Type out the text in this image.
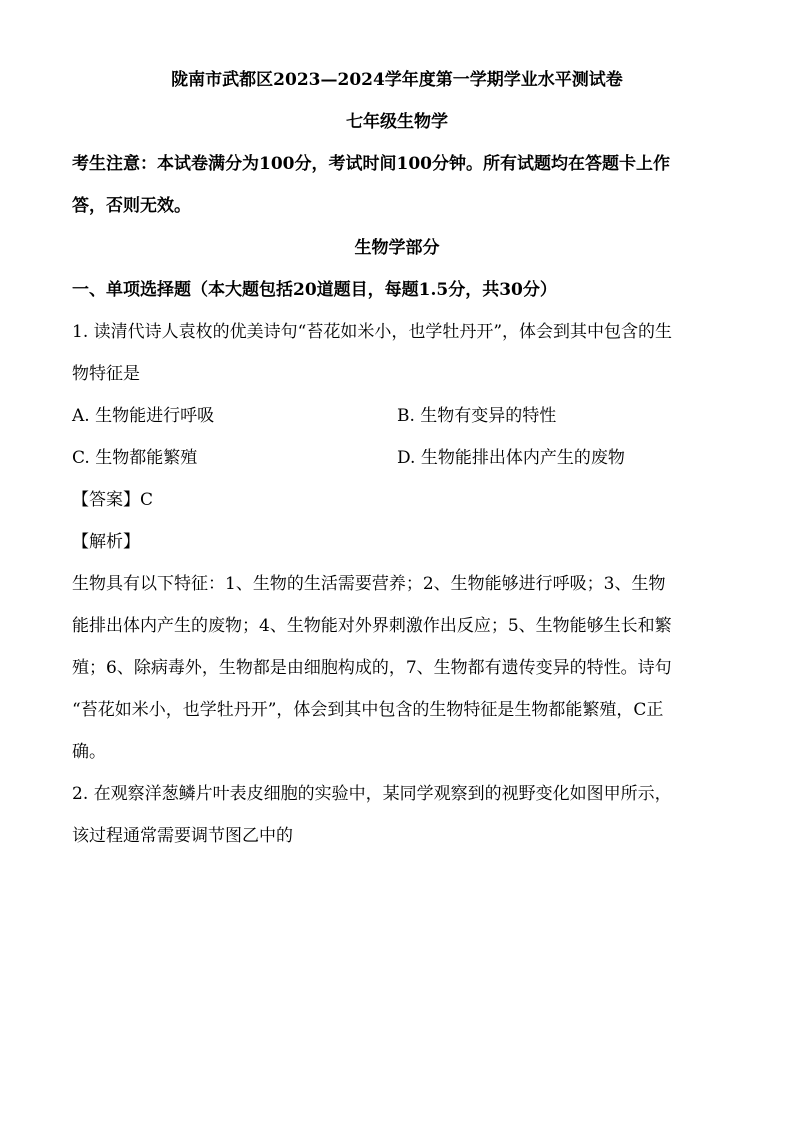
陇南市武都区2023—2024学年度第一学期学业水平测试卷
七年级生物学
考生注意：本试卷满分为100分，考试时间100分钟。所有试题均在答题卡上作
答，否则无效。
生物学部分
一、单项选择题（本大题包括20道题目，每题1.5分，共30分）
1. 读清代诗人袁枚的优美诗句“苔花如米小，也学牡丹开”，体会到其中包含的生
物特征是
A. 生物能进行呼吸	B. 生物有变异的特性
C. 生物都能繁殖	D. 生物能排出体内产生的废物
【答案】C
【解析】
生物具有以下特征：1、生物的生活需要营养；2、生物能够进行呼吸；3、生物
能排出体内产生的废物；4、生物能对外界刺激作出反应；5、生物能够生长和繁
殖；6、除病毒外，生物都是由细胞构成的，7、生物都有遗传变异的特性。诗句
“苔花如米小，也学牡丹开”，体会到其中包含的生物特征是生物都能繁殖，C正
确。
2. 在观察洋葱鳞片叶表皮细胞的实验中，某同学观察到的视野变化如图甲所示，
该过程通常需要调节图乙中的
